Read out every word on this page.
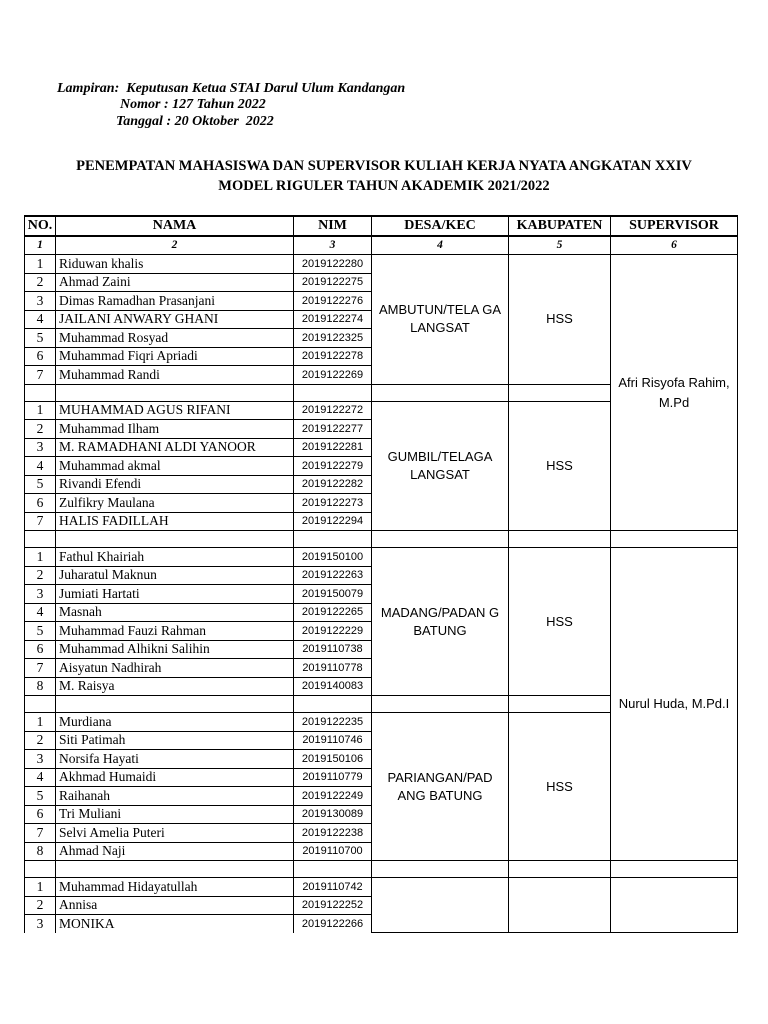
Lampiran:  Keputusan Ketua STAI Darul Ulum Kandangan
Nomor : 127 Tahun 2022
Tanggal : 20 Oktober  2022
PENEMPATAN MAHASISWA DAN SUPERVISOR KULIAH KERJA NYATA ANGKATAN XXIV
MODEL RIGULER TAHUN AKADEMIK 2021/2022
NO.	NAMA	NIM	DESA/KEC	KABUPATEN	SUPERVISOR
1	2	3	4	5	6
1	Riduwan khalis	2019122280	AMBUTUN/TELA GA LANGSAT	HSS	Afri Risyofa Rahim, M.Pd
2	Ahmad Zaini	2019122275			
3	Dimas Ramadhan Prasanjani	2019122276			
4	JAILANI ANWARY GHANI	2019122274			
5	Muhammad Rosyad	2019122325			
6	Muhammad Fiqri Apriadi	2019122278			
7	Muhammad Randi	2019122269			

1	MUHAMMAD AGUS RIFANI	2019122272	GUMBIL/TELAGA LANGSAT	HSS	
2	Muhammad Ilham	2019122277			
3	M. RAMADHANI ALDI YANOOR	2019122281			
4	Muhammad akmal	2019122279			
5	Rivandi Efendi	2019122282			
6	Zulfikry Maulana	2019122273			
7	HALIS FADILLAH	2019122294			

1	Fathul Khairiah	2019150100	MADANG/PADAN G BATUNG	HSS	Nurul Huda, M.Pd.I
2	Juharatul Maknun	2019122263			
3	Jumiati Hartati	2019150079			
4	Masnah	2019122265			
5	Muhammad Fauzi Rahman	2019122229			
6	Muhammad Alhikni Salihin	2019110738			
7	Aisyatun Nadhirah	2019110778			
8	M. Raisya	2019140083			

1	Murdiana	2019122235	PARIANGAN/PAD ANG BATUNG	HSS	
2	Siti Patimah	2019110746			
3	Norsifa Hayati	2019150106			
4	Akhmad Humaidi	2019110779			
5	Raihanah	2019122249			
6	Tri Muliani	2019130089			
7	Selvi Amelia Puteri	2019122238			
8	Ahmad Naji	2019110700			

1	Muhammad Hidayatullah	2019110742			
2	Annisa	2019122252			
3	MONIKA	2019122266			
